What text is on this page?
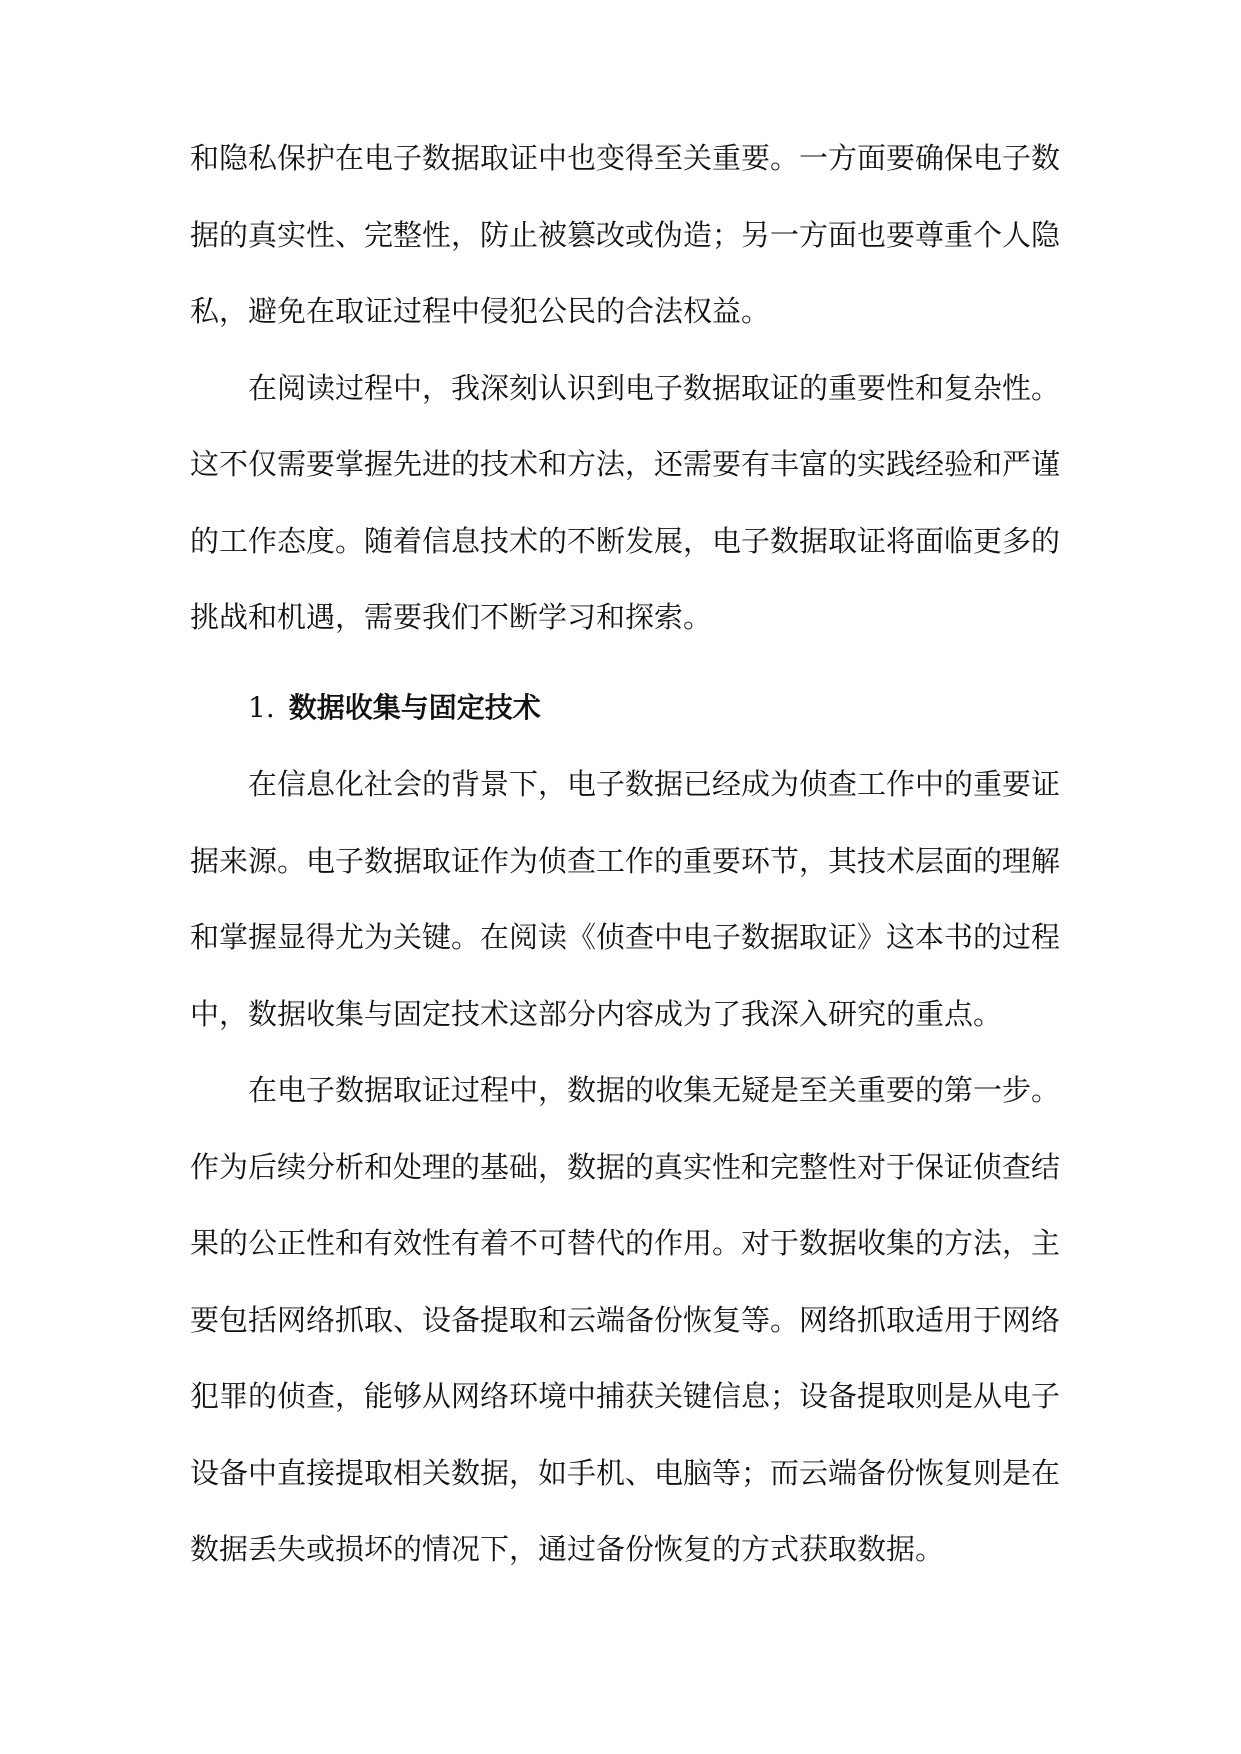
和隐私保护在电子数据取证中也变得至关重要。一方面要确保电子数
据的真实性、完整性，防止被篡改或伪造；另一方面也要尊重个人隐
私，避免在取证过程中侵犯公民的合法权益。
在阅读过程中，我深刻认识到电子数据取证的重要性和复杂性。
这不仅需要掌握先进的技术和方法，还需要有丰富的实践经验和严谨
的工作态度。随着信息技术的不断发展，电子数据取证将面临更多的
挑战和机遇，需要我们不断学习和探索。
1. 数据收集与固定技术
在信息化社会的背景下，电子数据已经成为侦查工作中的重要证
据来源。电子数据取证作为侦查工作的重要环节，其技术层面的理解
和掌握显得尤为关键。在阅读《侦查中电子数据取证》这本书的过程
中，数据收集与固定技术这部分内容成为了我深入研究的重点。
在电子数据取证过程中，数据的收集无疑是至关重要的第一步。
作为后续分析和处理的基础，数据的真实性和完整性对于保证侦查结
果的公正性和有效性有着不可替代的作用。对于数据收集的方法，主
要包括网络抓取、设备提取和云端备份恢复等。网络抓取适用于网络
犯罪的侦查，能够从网络环境中捕获关键信息；设备提取则是从电子
设备中直接提取相关数据，如手机、电脑等；而云端备份恢复则是在
数据丢失或损坏的情况下，通过备份恢复的方式获取数据。
